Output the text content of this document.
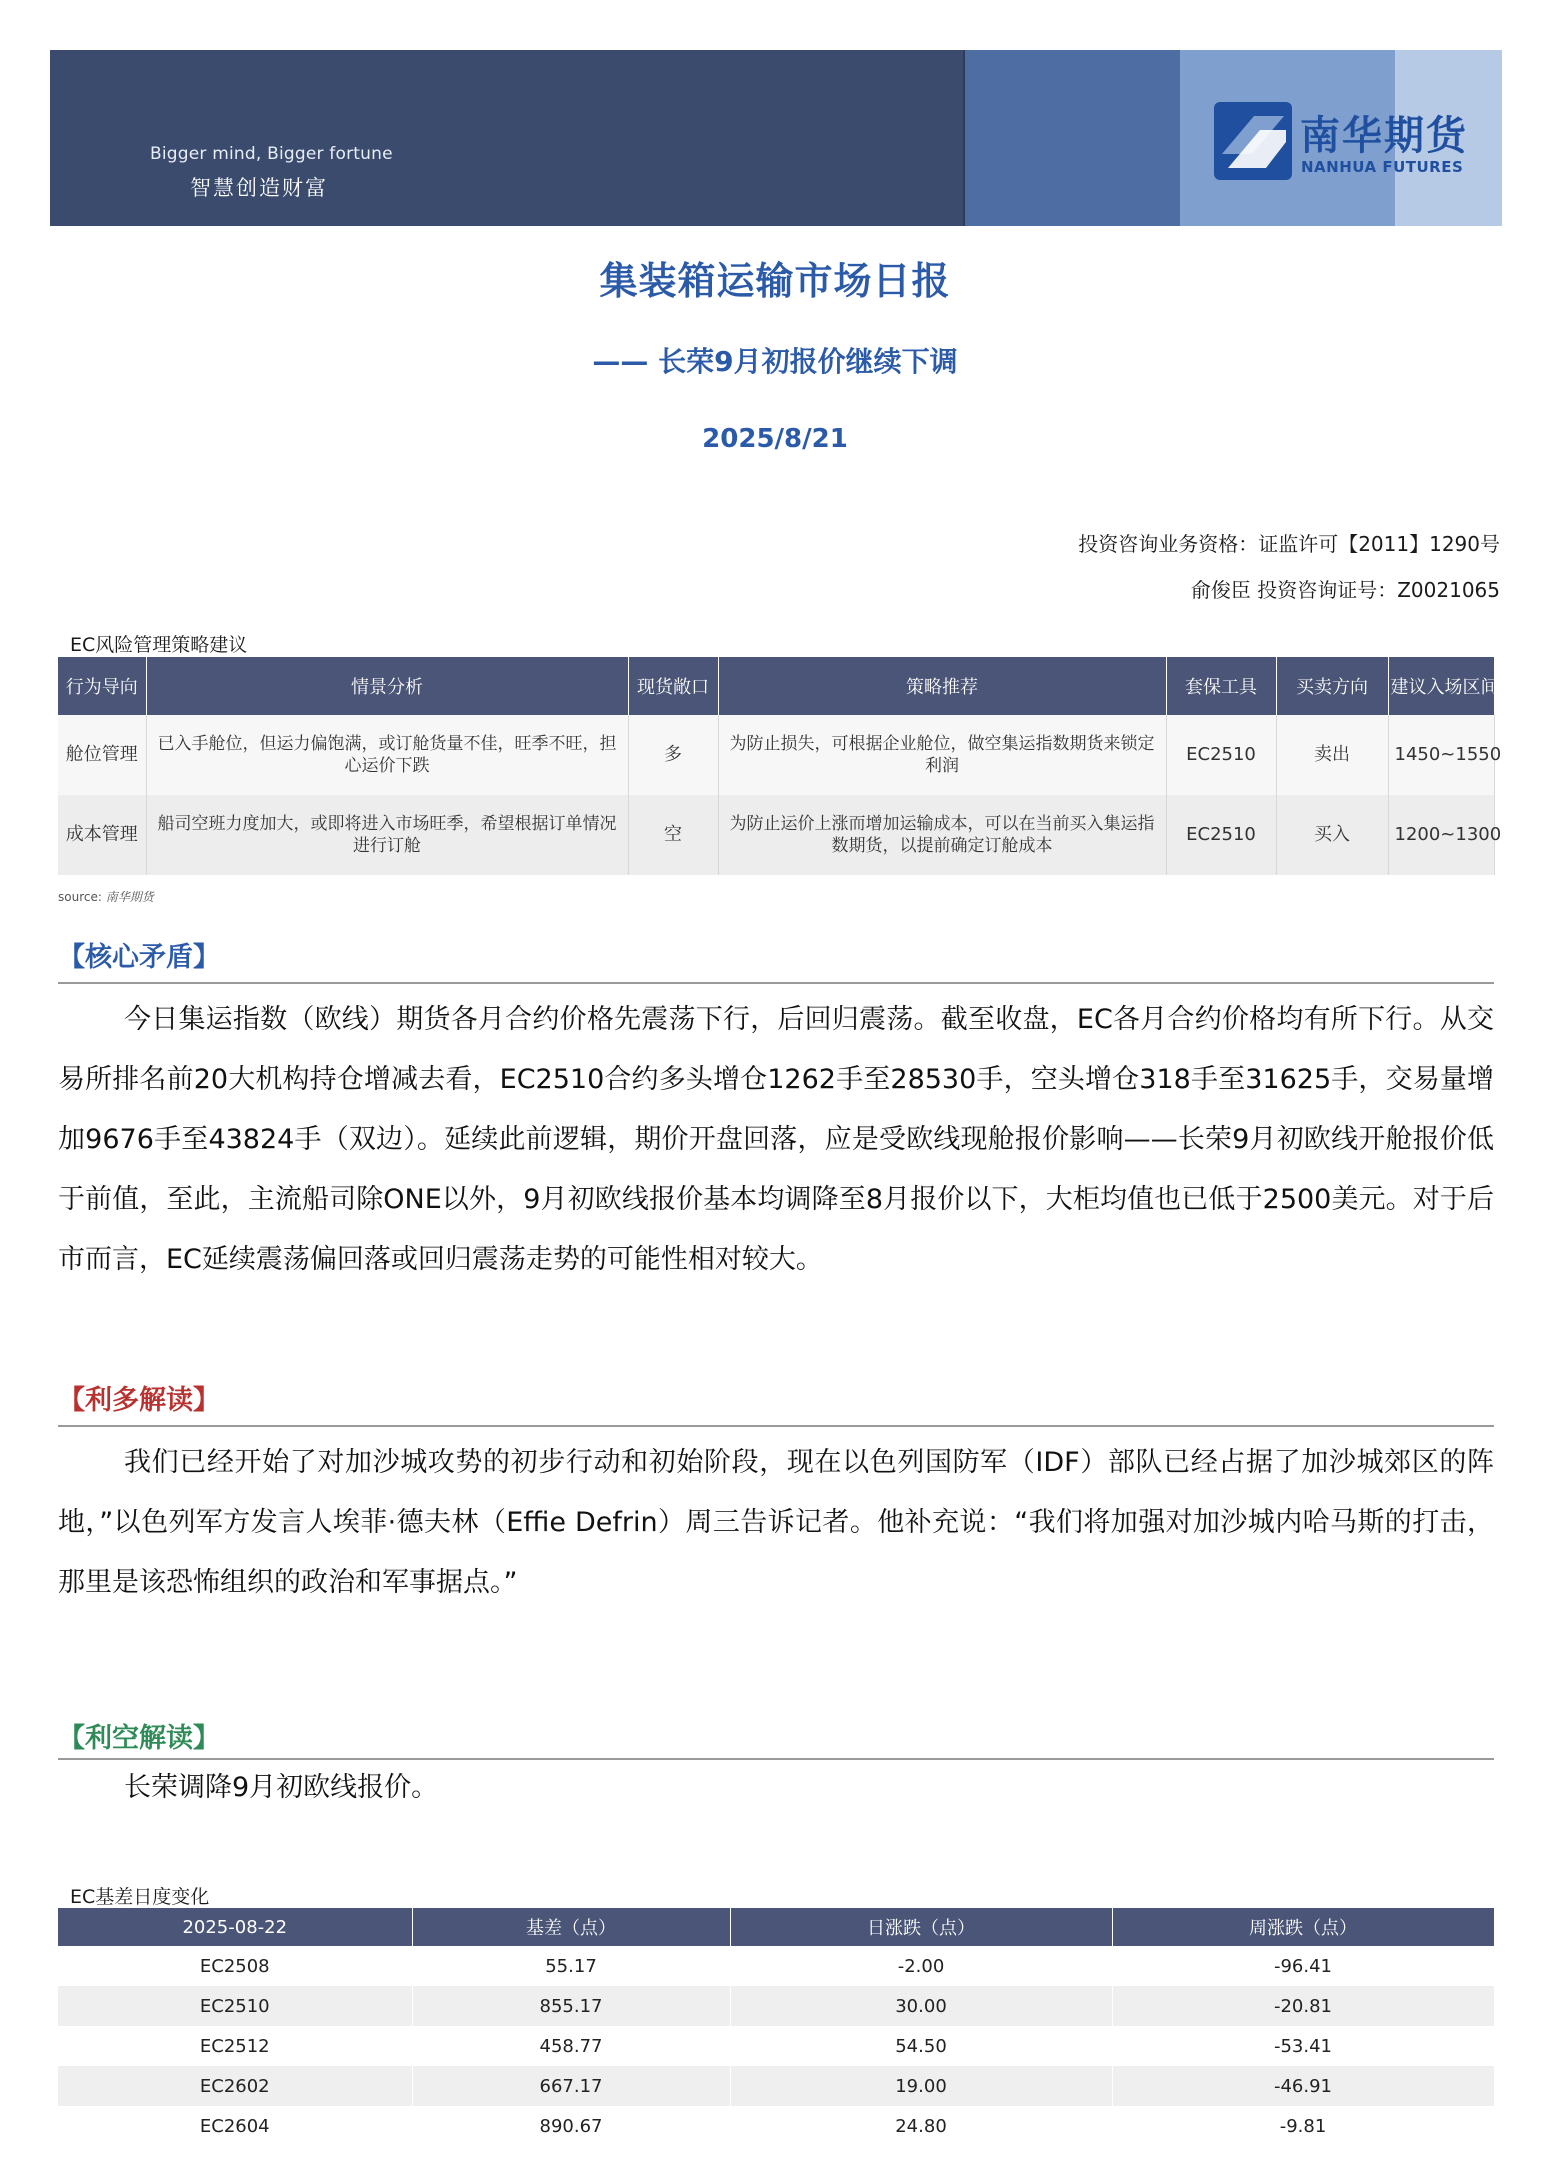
Bigger mind, Bigger fortune
智慧创造财富
南华期货
NANHUA FUTURES
集装箱运输市场日报
—— 长荣9月初报价继续下调
2025/8/21
投资咨询业务资格：证监许可【2011】1290号
俞俊臣 投资咨询证号：Z0021065
EC风险管理策略建议
行为导向	情景分析	现货敞口	策略推荐	套保工具	买卖方向	建议入场区间
舱位管理	已入手舱位，但运力偏饱满，或订舱货量不佳，旺季不旺，担心运价下跌	多	为防止损失，可根据企业舱位，做空集运指数期货来锁定利润	EC2510	卖出	1450~1550
成本管理	船司空班力度加大，或即将进入市场旺季，希望根据订单情况进行订舱	空	为防止运价上涨而增加运输成本，可以在当前买入集运指数期货，以提前确定订舱成本	EC2510	买入	1200~1300
source: 南华期货
【核心矛盾】
今日集运指数（欧线）期货各月合约价格先震荡下行，后回归震荡。截至收盘，EC各月合约价格均有所下行。从交易所排名前20大机构持仓增减去看，EC2510合约多头增仓1262手至28530手，空头增仓318手至31625手，交易量增加9676手至43824手（双边）。延续此前逻辑，期价开盘回落，应是受欧线现舱报价影响——长荣9月初欧线开舱报价低于前值，至此，主流船司除ONE以外，9月初欧线报价基本均调降至8月报价以下，大柜均值也已低于2500美元。对于后市而言，EC延续震荡偏回落或回归震荡走势的可能性相对较大。
【利多解读】
我们已经开始了对加沙城攻势的初步行动和初始阶段，现在以色列国防军（IDF）部队已经占据了加沙城郊区的阵地，”以色列军方发言人埃菲·德夫林（Effie Defrin）周三告诉记者。他补充说：“我们将加强对加沙城内哈马斯的打击，那里是该恐怖组织的政治和军事据点。”
【利空解读】
长荣调降9月初欧线报价。
EC基差日度变化
2025-08-22	基差（点）	日涨跌（点）	周涨跌（点）
EC2508	55.17	-2.00	-96.41
EC2510	855.17	30.00	-20.81
EC2512	458.77	54.50	-53.41
EC2602	667.17	19.00	-46.91
EC2604	890.67	24.80	-9.81
